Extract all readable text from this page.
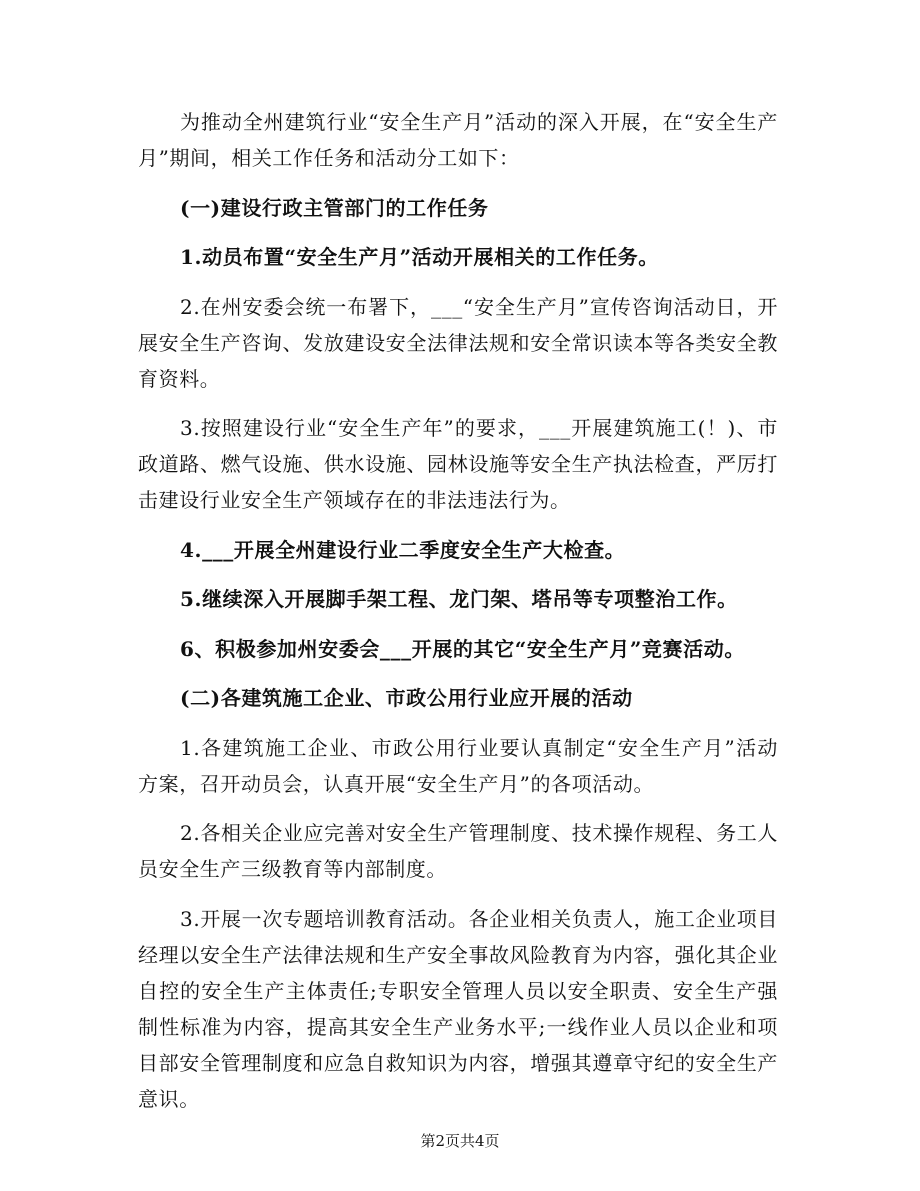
为推动全州建筑行业“安全生产月”活动的深入开展，在“安全生产月”期间，相关工作任务和活动分工如下：

(一)建设行政主管部门的工作任务

1.动员布置“安全生产月”活动开展相关的工作任务。

2.在州安委会统一布署下，___“安全生产月”宣传咨询活动日，开展安全生产咨询、发放建设安全法律法规和安全常识读本等各类安全教育资料。

3.按照建设行业“安全生产年”的要求，___开展建筑施工(！)、市政道路、燃气设施、供水设施、园林设施等安全生产执法检查，严厉打击建设行业安全生产领域存在的非法违法行为。

4.___开展全州建设行业二季度安全生产大检查。

5.继续深入开展脚手架工程、龙门架、塔吊等专项整治工作。

6、积极参加州安委会___开展的其它“安全生产月”竞赛活动。

(二)各建筑施工企业、市政公用行业应开展的活动

1.各建筑施工企业、市政公用行业要认真制定“安全生产月”活动方案，召开动员会，认真开展“安全生产月”的各项活动。

2.各相关企业应完善对安全生产管理制度、技术操作规程、务工人员安全生产三级教育等内部制度。

3.开展一次专题培训教育活动。各企业相关负责人，施工企业项目经理以安全生产法律法规和生产安全事故风险教育为内容，强化其企业自控的安全生产主体责任;专职安全管理人员以安全职责、安全生产强制性标准为内容，提高其安全生产业务水平;一线作业人员以企业和项目部安全管理制度和应急自救知识为内容，增强其遵章守纪的安全生产意识。

第2页共4页
